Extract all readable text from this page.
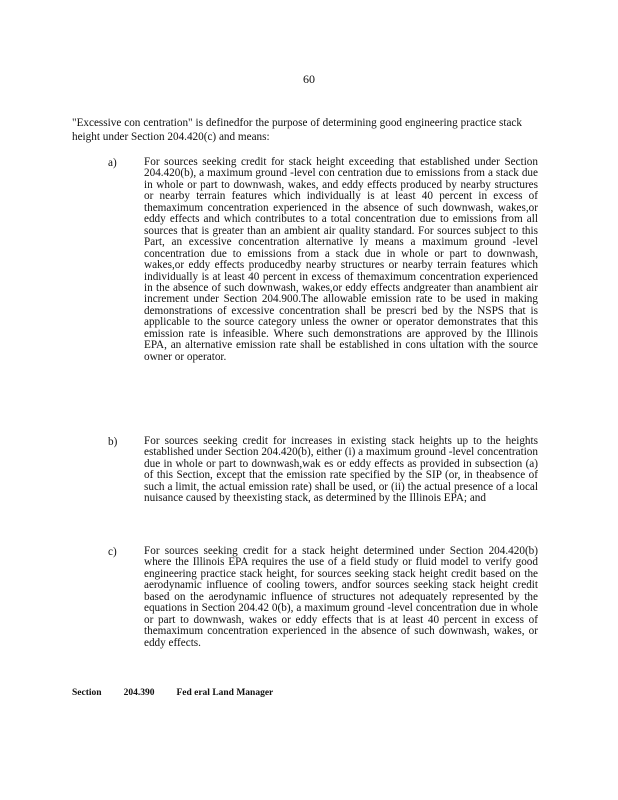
60
"Excessive con centration" is definedfor the purpose of determining good engineering practice stack height under Section 204.420(c) and means:
a) For sources seeking credit for stack height exceeding that established under Section 204.420(b), a maximum ground -level con centration due to emissions from a stack due in whole or part to downwash, wakes, and eddy effects produced by nearby structures or nearby terrain features which individually is at least 40 percent in excess of themaximum concentration experienced in the absence of such downwash, wakes,or eddy effects and which contributes to a total concentration due to emissions from all sources that is greater than an ambient air quality standard. For sources subject to this Part, an excessive concentration alternative ly means a maximum ground -level concentration due to emissions from a stack due in whole or part to downwash, wakes,or eddy effects producedby nearby structures or nearby terrain features which individually is at least 40 percent in excess of themaximum concentration experienced in the absence of such downwash, wakes,or eddy effects andgreater than anambient air increment under Section 204.900.The allowable emission rate to be used in making demonstrations of excessive concentration shall be prescri bed by the NSPS that is applicable to the source category unless the owner or operator demonstrates that this emission rate is infeasible. Where such demonstrations are approved by the Illinois EPA, an alternative emission rate shall be established in cons ultation with the source owner or operator.
b) For sources seeking credit for increases in existing stack heights up to the heights established under Section 204.420(b), either (i) a maximum ground -level concentration due in whole or part to downwash,wak es or eddy effects as provided in subsection (a) of this Section, except that the emission rate specified by the SIP (or, in theabsence of such a limit, the actual emission rate) shall be used, or (ii) the actual presence of a local nuisance caused by theexisting stack, as determined by the Illinois EPA; and
c) For sources seeking credit for a stack height determined under Section 204.420(b) where the Illinois EPA requires the use of a field study or fluid model to verify good engineering practice stack height, for sources seeking stack height credit based on the aerodynamic influence of cooling towers, andfor sources seeking stack height credit based on the aerodynamic influence of structures not adequately represented by the equations in Section 204.42 0(b), a maximum ground -level concentration due in whole or part to downwash, wakes or eddy effects that is at least 40 percent in excess of themaximum concentration experienced in the absence of such downwash, wakes, or eddy effects.
Section 204.390 Fed eral Land Manager
